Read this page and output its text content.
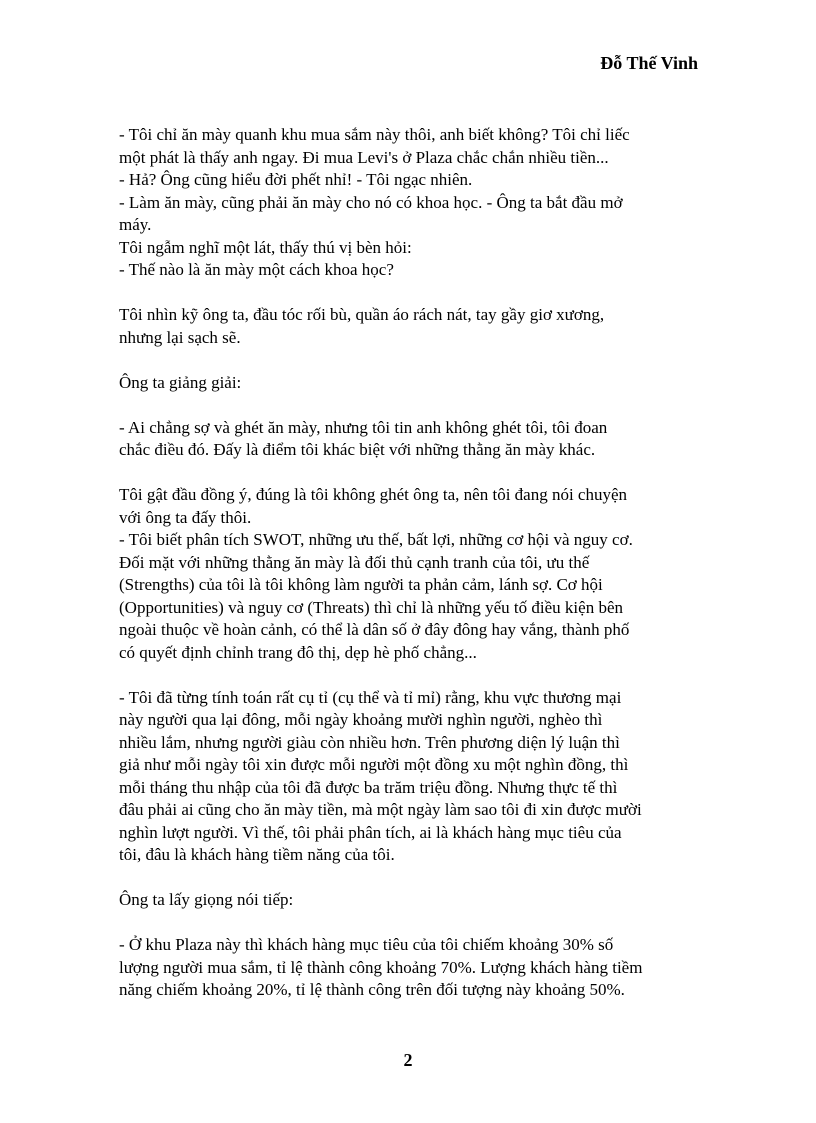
Đỗ Thế Vinh

- Tôi chỉ ăn mày quanh khu mua sắm này thôi, anh biết không? Tôi chỉ liếc
một phát là thấy anh ngay. Đi mua Levi's ở Plaza chắc chắn nhiều tiền...
- Hả? Ông cũng hiểu đời phết nhỉ! - Tôi ngạc nhiên.
- Làm ăn mày, cũng phải ăn mày cho nó có khoa học. - Ông ta bắt đầu mở
máy.
Tôi ngẫm nghĩ một lát, thấy thú vị bèn hỏi:
- Thế nào là ăn mày một cách khoa học?

Tôi nhìn kỹ ông ta, đầu tóc rối bù, quần áo rách nát, tay gầy giơ xương,
nhưng lại sạch sẽ.

Ông ta giảng giải:

- Ai chẳng sợ và ghét ăn mày, nhưng tôi tin anh không ghét tôi, tôi đoan
chắc điều đó. Đấy là điểm tôi khác biệt với những thằng ăn mày khác.

Tôi gật đầu đồng ý, đúng là tôi không ghét ông ta, nên tôi đang nói chuyện
với ông ta đấy thôi.
- Tôi biết phân tích SWOT, những ưu thế, bất lợi, những cơ hội và nguy cơ.
Đối mặt với những thằng ăn mày là đối thủ cạnh tranh của tôi, ưu thế
(Strengths) của tôi là tôi không làm người ta phản cảm, lánh sợ. Cơ hội
(Opportunities) và nguy cơ (Threats) thì chỉ là những yếu tố điều kiện bên
ngoài thuộc về hoàn cảnh, có thể là dân số ở đây đông hay vắng, thành phố
có quyết định chỉnh trang đô thị, dẹp hè phố chẳng...

- Tôi đã từng tính toán rất cụ tỉ (cụ thể và tỉ mỉ) rằng, khu vực thương mại
này người qua lại đông, mỗi ngày khoảng mười nghìn người, nghèo thì
nhiều lắm, nhưng người giàu còn nhiều hơn. Trên phương diện lý luận thì
giả như mỗi ngày tôi xin được mỗi người một đồng xu một nghìn đồng, thì
mỗi tháng thu nhập của tôi đã được ba trăm triệu đồng. Nhưng thực tế thì
đâu phải ai cũng cho ăn mày tiền, mà một ngày làm sao tôi đi xin được mười
nghìn lượt người. Vì thế, tôi phải phân tích, ai là khách hàng mục tiêu của
tôi, đâu là khách hàng tiềm năng của tôi.

Ông ta lấy giọng nói tiếp:

- Ở khu Plaza này thì khách hàng mục tiêu của tôi chiếm khoảng 30% số
lượng người mua sắm, tỉ lệ thành công khoảng 70%. Lượng khách hàng tiềm
năng chiếm khoảng 20%, tỉ lệ thành công trên đối tượng này khoảng 50%.

2
